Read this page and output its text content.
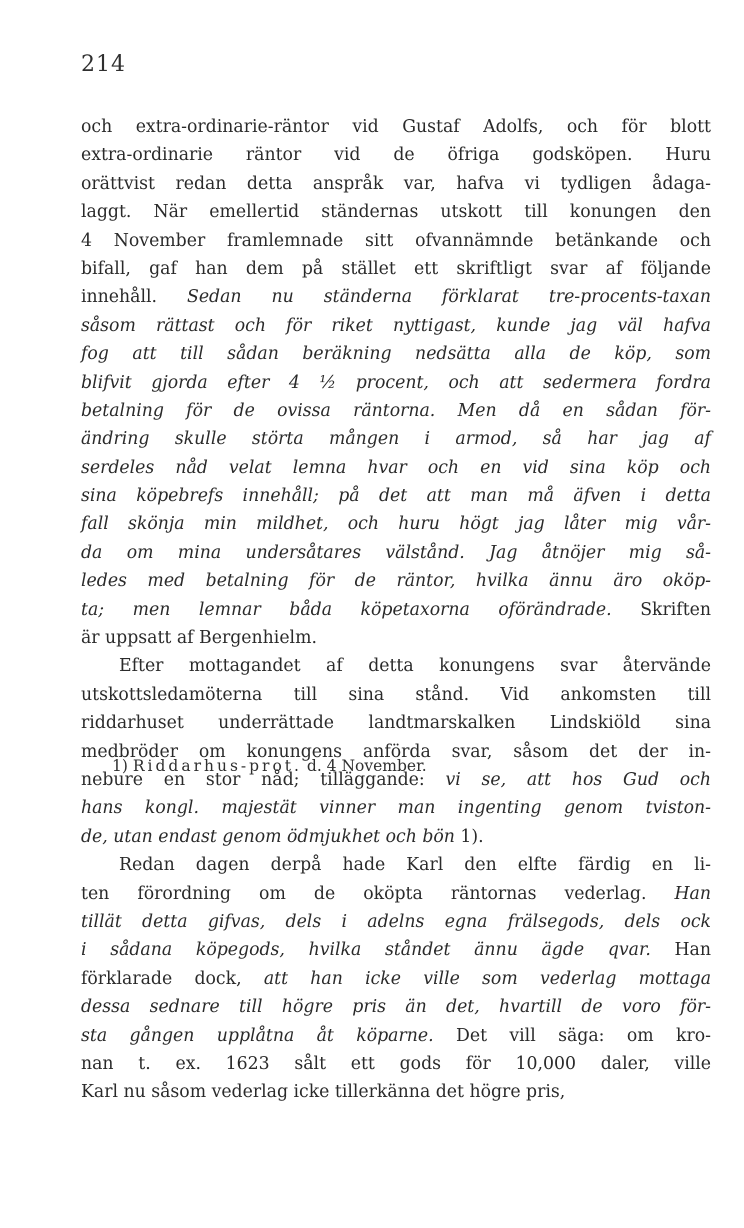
214
och extra-ordinarie-räntor vid Gustaf Adolfs, och för blott
extra-ordinarie räntor vid de öfriga godsköpen. Huru
orättvist redan detta anspråk var, hafva vi tydligen ådaga-
laggt. När emellertid ständernas utskott till konungen den
4 November framlemnade sitt ofvannämnde betänkande och
bifall, gaf han dem på stället ett skriftligt svar af följande
innehåll. Sedan nu ständerna förklarat tre-procents-taxan
såsom rättast och för riket nyttigast, kunde jag väl hafva
fog att till sådan beräkning nedsätta alla de köp, som
blifvit gjorda efter 4 ½ procent, och att sedermera fordra
betalning för de ovissa räntorna. Men då en sådan för-
ändring skulle störta mången i armod, så har jag af
serdeles nåd velat lemna hvar och en vid sina köp och
sina köpebrefs innehåll; på det att man må äfven i detta
fall skönja min mildhet, och huru högt jag låter mig vår-
da om mina undersåtares välstånd. Jag åtnöjer mig så-
ledes med betalning för de räntor, hvilka ännu äro oköp-
ta; men lemnar båda köpetaxorna oförändrade. Skriften
är uppsatt af Bergenhielm.
Efter mottagandet af detta konungens svar återvände
utskottsledamöterna till sina stånd. Vid ankomsten till
riddarhuset underrättade landtmarskalken Lindskiöld sina
medbröder om konungens anförda svar, såsom det der in-
nebure en stor nåd; tilläggande: vi se, att hos Gud och
hans kongl. majestät vinner man ingenting genom tviston-
de, utan endast genom ödmjukhet och bön 1).
Redan dagen derpå hade Karl den elfte färdig en li-
ten förordning om de oköpta räntornas vederlag. Han
tillät detta gifvas, dels i adelns egna frälsegods, dels ock
i sådana köpegods, hvilka ståndet ännu ägde qvar. Han
förklarade dock, att han icke ville som vederlag mottaga
dessa sednare till högre pris än det, hvartill de voro för-
sta gången upplåtna åt köparne. Det vill säga: om kro-
nan t. ex. 1623 sålt ett gods för 10,000 daler, ville
Karl nu såsom vederlag icke tillerkänna det högre pris,
1) Riddarhus-prot. d. 4 November.
